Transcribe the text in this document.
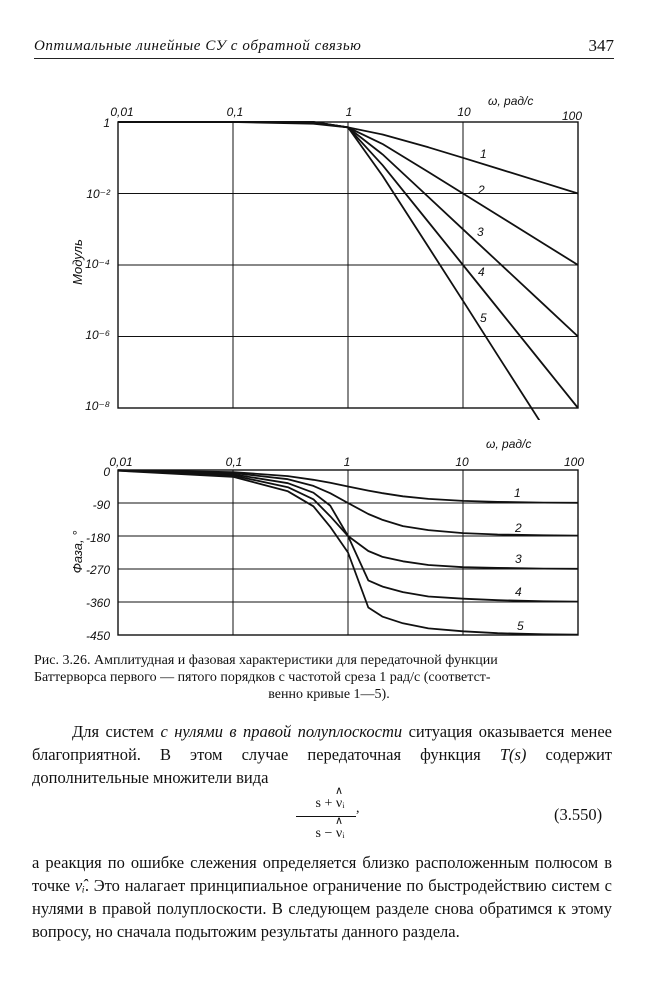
Оптимальные линейные СУ с обратной связью	347
0,01	0,1	1	10	100
ω, рад/с
1
10⁻²
10⁻⁴
10⁻⁶
10⁻⁸
Модуль
1
2
3
4
5
0,01	0,1	1	10	100
ω, рад/с
0
-90
-180
-270
-360
-450
Фаза, °
1
2
3
4
5
Рис. 3.26. Амплитудная и фазовая характеристики для передаточной функции
Баттерворса первого — пятого порядков с частотой среза 1 рад/с (соответст-

венно кривые 1—5).
Для систем с нулями в правой полуплоскости ситуация оказывается менее благоприятной. В этом случае передаточная функция T(s) содержит дополнительные множители вида
∧
s + νᵢ
∧
s − νᵢ
,	(3.550)
а реакция по ошибке слежения определяется близко расположенным полюсом в точке ν̂ᵢ. Это налагает принципиальное ограничение по быстродействию систем с нулями в правой полуплоскости. В следующем разделе снова обратимся к этому вопросу, но сначала подытожим результаты данного раздела.
